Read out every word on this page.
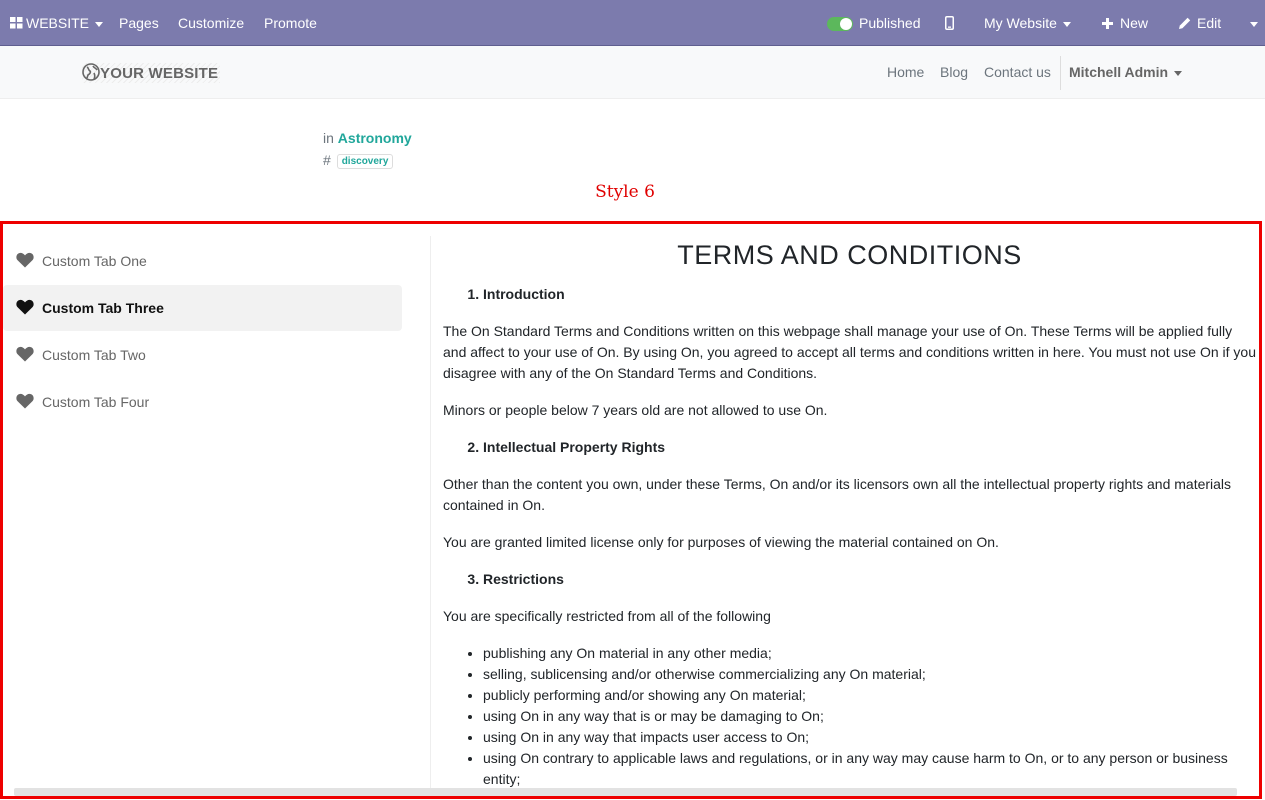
WEBSITE	Pages Customize Promote	Published	My Website	New	Edit
YOUR WEBSITE	Home Blog Contact us Mitchell Admin
in Astronomy
# discovery
Style 6
Custom Tab One
Custom Tab Three
Custom Tab Two
Custom Tab Four
TERMS AND CONDITIONS
1. Introduction

The On Standard Terms and Conditions written on this webpage shall manage your use of On. These Terms will be applied fully and affect to your use of On. By using On, you agreed to accept all terms and conditions written in here. You must not use On if you disagree with any of the On Standard Terms and Conditions.

Minors or people below 7 years old are not allowed to use On.

2. Intellectual Property Rights

Other than the content you own, under these Terms, On and/or its licensors own all the intellectual property rights and materials contained in On.

You are granted limited license only for purposes of viewing the material contained on On.

3. Restrictions

You are specifically restricted from all of the following

• publishing any On material in any other media;
• selling, sublicensing and/or otherwise commercializing any On material;
• publicly performing and/or showing any On material;
• using On in any way that is or may be damaging to On;
• using On in any way that impacts user access to On;
• using On contrary to applicable laws and regulations, or in any way may cause harm to On, or to any person or business entity;
